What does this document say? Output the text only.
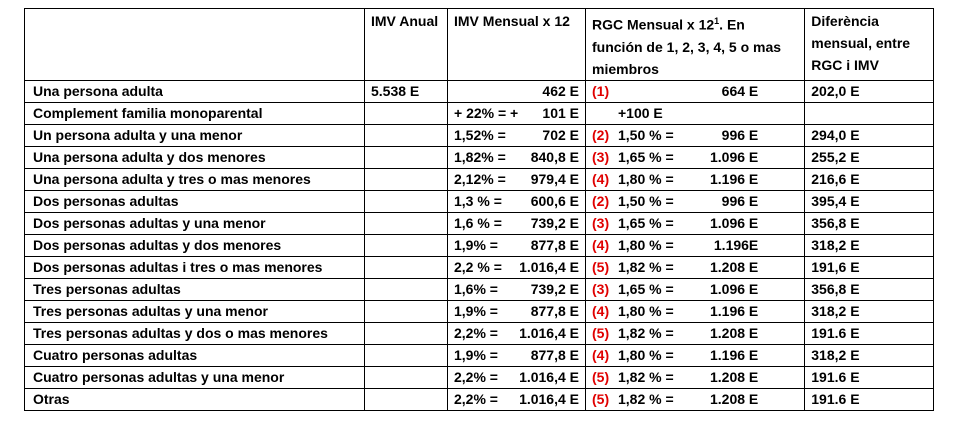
	IMV Anual	IMV Mensual x 12	RGC Mensual x $12^1$. En función de 1, 2, 3, 4, 5 o mas miembros	Diferència mensual, entre RGC i IMV
Una persona adulta	5.538 E	462 E	(1) 664 E	202,0 E
Complement familia monoparental		+ 22% = + 101 E	+100 E	

Un persona adulta y una menor		1,52% = 702 E	(2) 1,50 % = 996 E	294,0 E
Una persona adulta y dos menores		1,82% = 840,8 E	(3) 1,65 % = 1.096 E	255,2 E
Una persona adulta y tres o mas menores		2,12% = 979,4 E	(4) 1,80 % = 1.196 E	216,6 E
Dos personas adultas		1,3 % = 600,6 E	(2) 1,50 % = 996 E	395,4 E
Dos personas adultas y una menor		1,6 % = 739,2 E	(3) 1,65 % = 1.096 E	356,8 E
Dos personas adultas y dos menores		1,9% = 877,8 E	(4) 1,80 % = 1.196E	318,2 E
Dos personas adultas i tres o mas menores		2,2 % = 1.016,4 E	(5) 1,82 % = 1.208 E	191,6 E
Tres personas adultas		1,6% = 739,2 E	(3) 1,65 % = 1.096 E	356,8 E
Tres personas adultas y una menor		1,9% = 877,8 E	(4) 1,80 % = 1.196 E	318,2 E
Tres personas adultas y dos o mas menores		2,2% = 1.016,4 E	(5) 1,82 % = 1.208 E	191.6 E
Cuatro personas adultas		1,9% = 877,8 E	(4) 1,80 % = 1.196 E	318,2 E
Cuatro personas adultas y una menor		2,2% = 1.016,4 E	(5) 1,82 % = 1.208 E	191.6 E
Otras		2,2% = 1.016,4 E	(5) 1,82 % = 1.208 E	191.6 E
